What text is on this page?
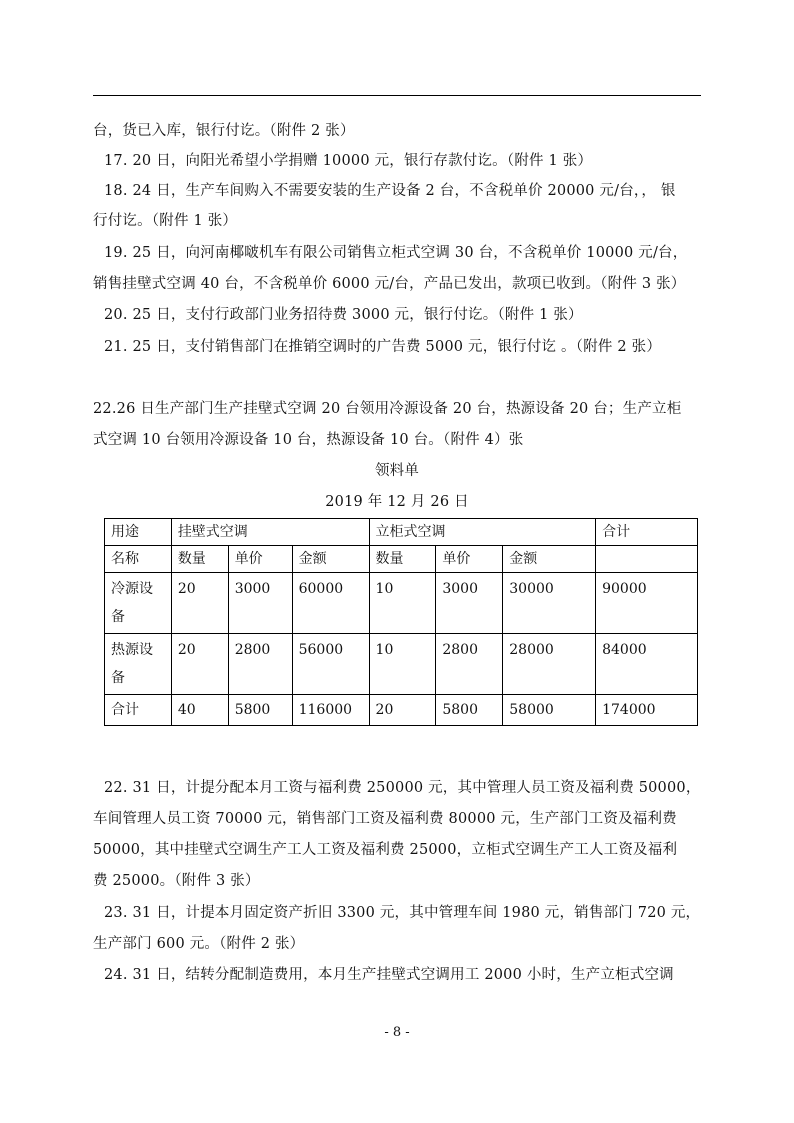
台，货已入库，银行付讫。（附件 2 张）
17. 20 日，向阳光希望小学捐赠 10000 元，银行存款付讫。（附件 1 张）
18. 24 日，生产车间购入不需要安装的生产设备 2 台，不含税单价 20000 元/台，， 银
行付讫。（附件 1 张）
19. 25 日，向河南椰啵机车有限公司销售立柜式空调 30 台，不含税单价 10000 元/台，
销售挂壁式空调 40 台，不含税单价 6000 元/台，产品已发出，款项已收到。（附件 3 张）
20. 25 日，支付行政部门业务招待费 3000 元，银行付讫。（附件 1 张）
21. 25 日，支付销售部门在推销空调时的广告费 5000 元，银行付讫 。（附件 2 张）
22.26 日生产部门生产挂壁式空调 20 台领用冷源设备 20 台，热源设备 20 台；生产立柜
式空调 10 台领用冷源设备 10 台，热源设备 10 台。（附件 4）张
领料单
2019 年 12 月 26 日
用途	挂壁式空调			立柜式空调			合计
名称	数量	单价	金额	数量	单价	金额	
冷源设
备	20	3000	60000	10	3000	30000	90000
热源设
备	20	2800	56000	10	2800	28000	84000
合计	40	5800	116000	20	5800	58000	174000
22. 31 日，计提分配本月工资与福利费 250000 元，其中管理人员工资及福利费 50000，
车间管理人员工资 70000 元，销售部门工资及福利费 80000 元，生产部门工资及福利费
50000，其中挂壁式空调生产工人工资及福利费 25000，立柜式空调生产工人工资及福利
费 25000。（附件 3 张）
23. 31 日，计提本月固定资产折旧 3300 元，其中管理车间 1980 元，销售部门 720 元，
生产部门 600 元。（附件 2 张）
24. 31 日，结转分配制造费用，本月生产挂壁式空调用工 2000 小时，生产立柜式空调
- 8 -
